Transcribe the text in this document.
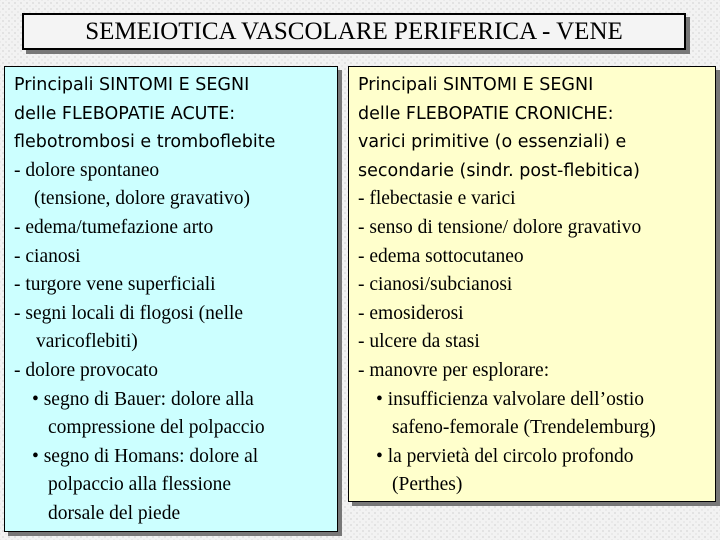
SEMEIOTICA VASCOLARE PERIFERICA - VENE
Principali SINTOMI E SEGNI
delle FLEBOPATIE ACUTE:
flebotrombosi e tromboflebite
- dolore spontaneo
(tensione, dolore gravativo)
- edema/tumefazione arto
- cianosi
- turgore vene superficiali
- segni locali di flogosi (nelle
varicoflebiti)
- dolore provocato
• segno di Bauer: dolore alla
compressione del polpaccio
• segno di Homans: dolore al
polpaccio alla flessione
dorsale del piede
Principali SINTOMI E SEGNI
delle FLEBOPATIE CRONICHE:
varici primitive (o essenziali) e
secondarie (sindr. post-flebitica)
- flebectasie e varici
- senso di tensione/ dolore gravativo
- edema sottocutaneo
- cianosi/subcianosi
- emosiderosi
- ulcere da stasi
- manovre per esplorare:
• insufficienza valvolare dell’ostio
safeno-femorale (Trendelemburg)
• la pervietà del circolo profondo
(Perthes)
